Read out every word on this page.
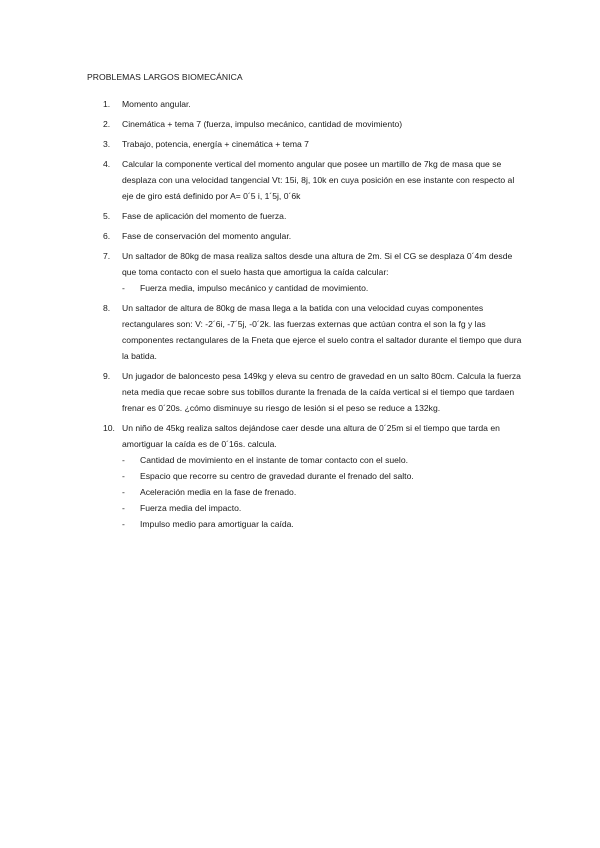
PROBLEMAS LARGOS BIOMECÁNICA
1.	Momento angular.
2.	Cinemática + tema 7 (fuerza, impulso mecánico, cantidad de movimiento)
3.	Trabajo, potencia, energía + cinemática + tema 7
4.	Calcular la componente vertical del momento angular que posee un martillo de 7kg de masa que se desplaza con una velocidad tangencial Vt: 15i, 8j, 10k en cuya posición en ese instante con respecto al eje de giro está definido por A= 0´5 i, 1´5j, 0´6k
5.	Fase de aplicación del momento de fuerza.
6.	Fase de conservación del momento angular.
7.	Un saltador de 80kg de masa realiza saltos desde una altura de 2m. Si el CG se desplaza 0´4m desde que toma contacto con el suelo hasta que amortigua la caída calcular:
- Fuerza media, impulso mecánico y cantidad de movimiento.
8.	Un saltador de altura de 80kg de masa llega a la batida con una velocidad cuyas componentes rectangulares son: V: -2´6i, -7´5j, -0´2k. las fuerzas externas que actúan contra el son la fg y las componentes rectangulares de la Fneta que ejerce el suelo contra el saltador durante el tiempo que dura la batida.
9.	Un jugador de baloncesto pesa 149kg y eleva su centro de gravedad en un salto 80cm. Calcula la fuerza neta media que recae sobre sus tobillos durante la frenada de la caída vertical si el tiempo que tardaen frenar es 0´20s. ¿cómo disminuye su riesgo de lesión si el peso se reduce a 132kg.
10. Un niño de 45kg realiza saltos dejándose caer desde una altura de 0´25m si el tiempo que tarda en amortiguar la caída es de 0´16s. calcula.
- Cantidad de movimiento en el instante de tomar contacto con el suelo.
- Espacio que recorre su centro de gravedad durante el frenado del salto.
- Aceleración media en la fase de frenado.
- Fuerza media del impacto.
- Impulso medio para amortiguar la caída.
